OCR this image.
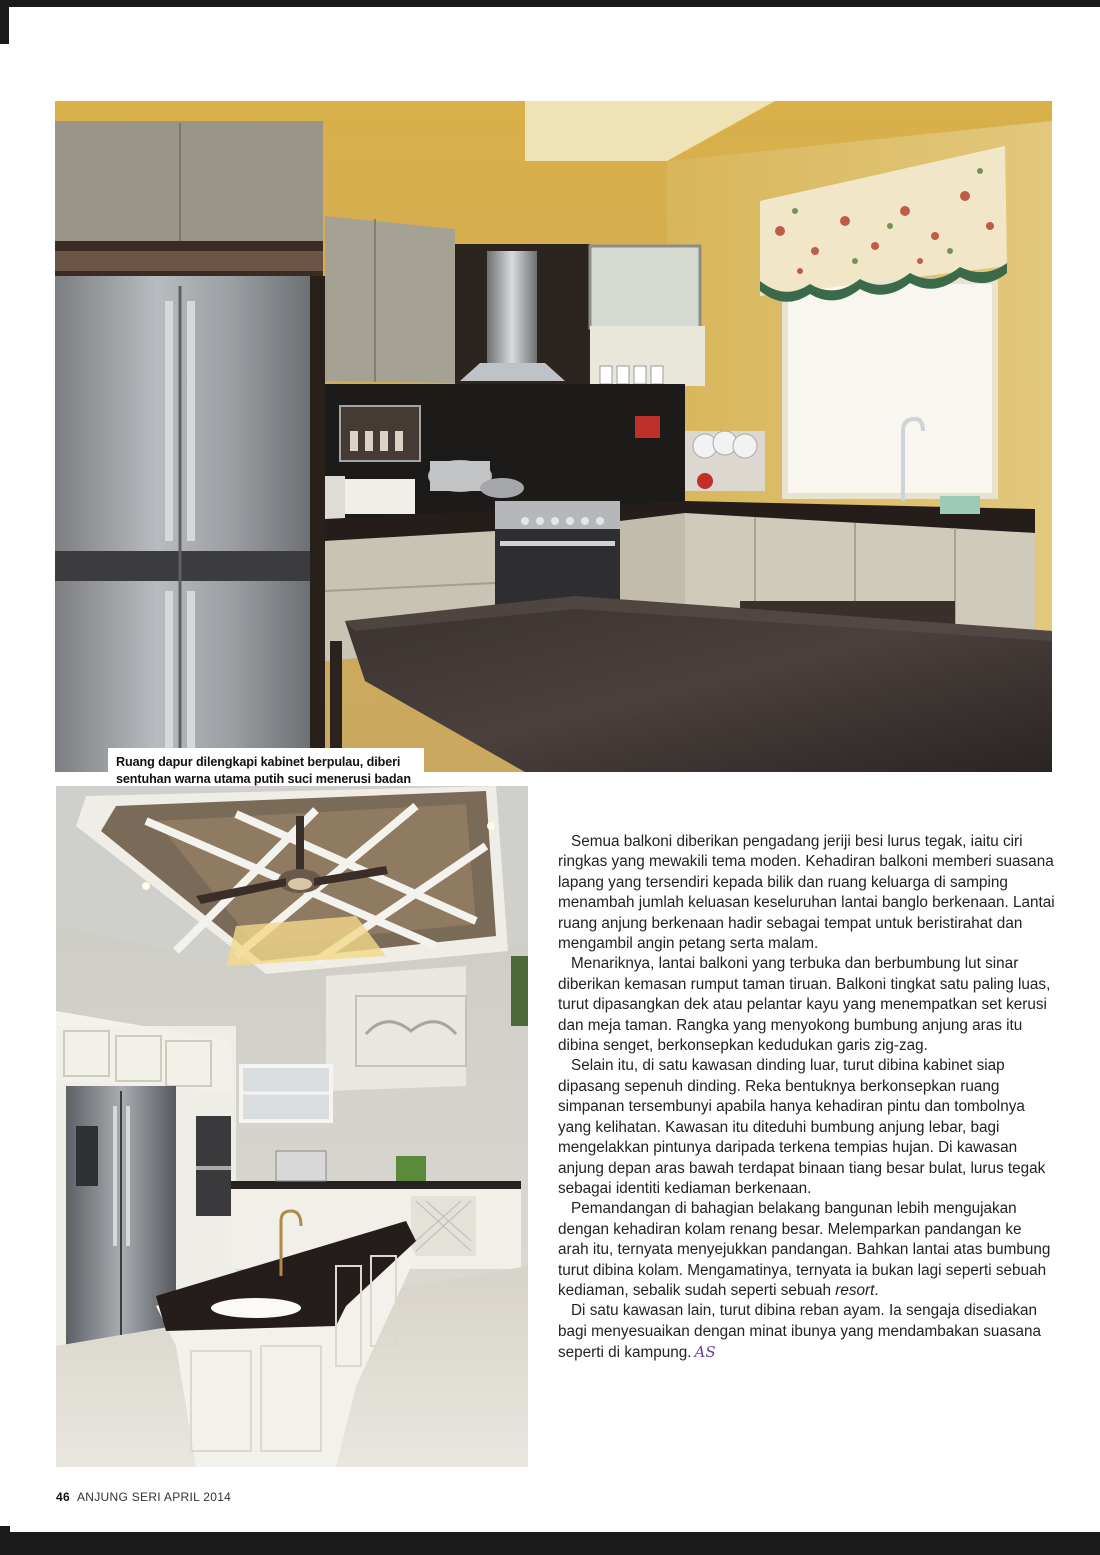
Ruang dapur dilengkapi kabinet berpulau, diberi
sentuhan warna utama putih suci menerusi badan

Semua balkoni diberikan pengadang jeriji besi lurus tegak, iaitu ciri ringkas yang mewakili tema moden. Kehadiran balkoni memberi suasana lapang yang tersendiri kepada bilik dan ruang keluarga di samping menambah jumlah keluasan keseluruhan lantai banglo berkenaan. Lantai ruang anjung berkenaan hadir sebagai tempat untuk beristirahat dan mengambil angin petang serta malam.

Menariknya, lantai balkoni yang terbuka dan berbumbung lut sinar diberikan kemasan rumput taman tiruan. Balkoni tingkat satu paling luas, turut dipasangkan dek atau pelantar kayu yang menempatkan set kerusi dan meja taman. Rangka yang menyokong bumbung anjung aras itu dibina senget, berkonsepkan kedudukan garis zig-zag.

Selain itu, di satu kawasan dinding luar, turut dibina kabinet siap dipasang sepenuh dinding. Reka bentuknya berkonsepkan ruang simpanan tersembunyi apabila hanya kehadiran pintu dan tombolnya yang kelihatan. Kawasan itu diteduhi bumbung anjung lebar, bagi mengelakkan pintunya daripada terkena tempias hujan. Di kawasan anjung depan aras bawah terdapat binaan tiang besar bulat, lurus tegak sebagai identiti kediaman berkenaan.

Pemandangan di bahagian belakang bangunan lebih mengujakan dengan kehadiran kolam renang besar. Melemparkan pandangan ke arah itu, ternyata menyejukkan pandangan. Bahkan lantai atas bumbung turut dibina kolam. Mengamatinya, ternyata ia bukan lagi seperti sebuah kediaman, sebalik sudah seperti sebuah resort.

Di satu kawasan lain, turut dibina reban ayam. Ia sengaja disediakan bagi menyesuaikan dengan minat ibunya yang mendambakan suasana seperti di kampung. AS

46 ANJUNG SERI APRIL 2014
